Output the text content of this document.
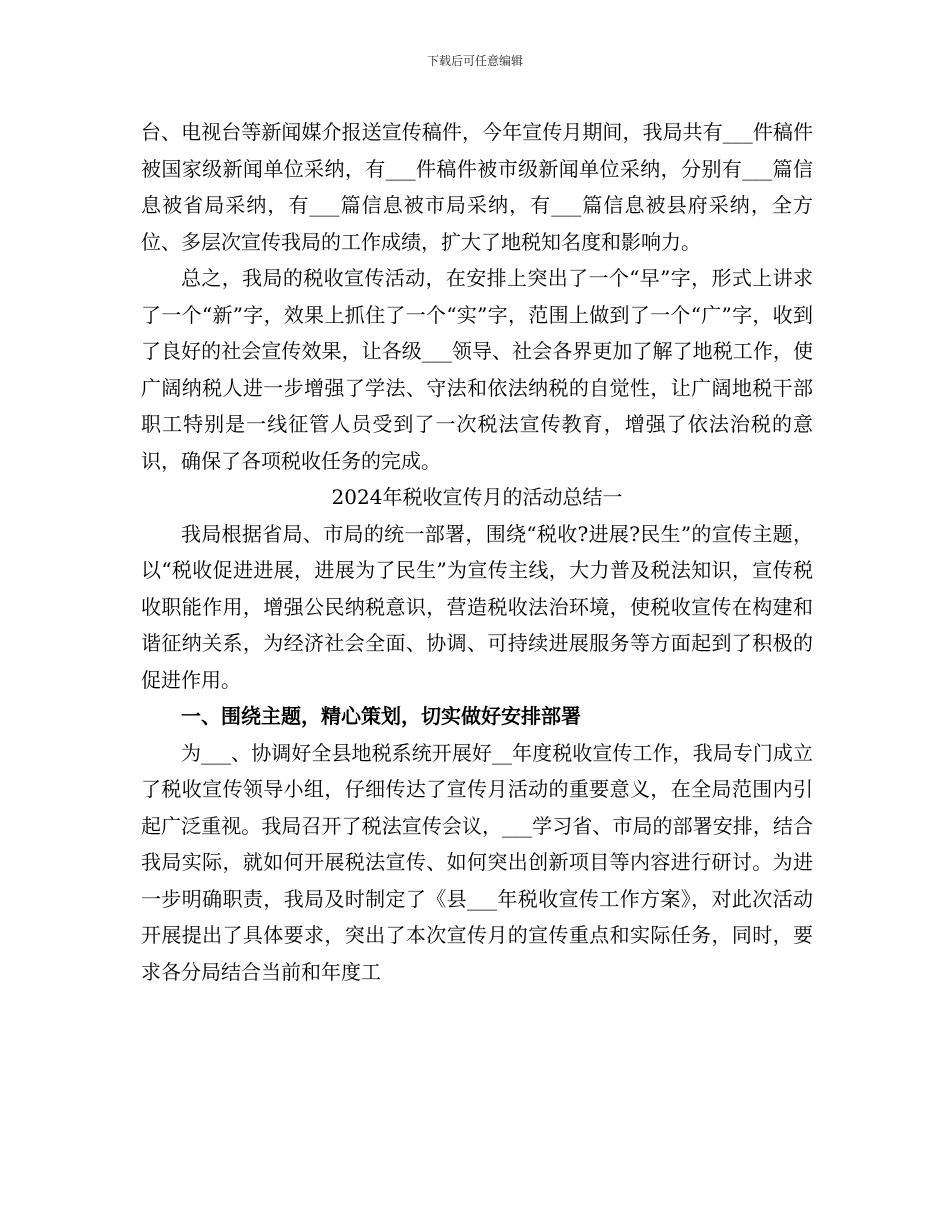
下载后可任意编辑

台、电视台等新闻媒介报送宣传稿件，今年宣传月期间，我局共有___件稿件被国家级新闻单位采纳，有___件稿件被市级新闻单位采纳，分别有___篇信息被省局采纳，有___篇信息被市局采纳，有___篇信息被县府采纳，全方位、多层次宣传我局的工作成绩，扩大了地税知名度和影响力。

总之，我局的税收宣传活动，在安排上突出了一个“早”字，形式上讲求了一个“新”字，效果上抓住了一个“实”字，范围上做到了一个“广”字，收到了良好的社会宣传效果，让各级___领导、社会各界更加了解了地税工作，使广阔纳税人进一步增强了学法、守法和依法纳税的自觉性，让广阔地税干部职工特别是一线征管人员受到了一次税法宣传教育，增强了依法治税的意识，确保了各项税收任务的完成。

2024年税收宣传月的活动总结一

我局根据省局、市局的统一部署，围绕“税收?进展?民生”的宣传主题，以“税收促进进展，进展为了民生”为宣传主线，大力普及税法知识，宣传税收职能作用，增强公民纳税意识，营造税收法治环境，使税收宣传在构建和谐征纳关系，为经济社会全面、协调、可持续进展服务等方面起到了积极的促进作用。

一、围绕主题，精心策划，切实做好安排部署

为___、协调好全县地税系统开展好__年度税收宣传工作，我局专门成立了税收宣传领导小组，仔细传达了宣传月活动的重要意义，在全局范围内引起广泛重视。我局召开了税法宣传会议，___学习省、市局的部署安排，结合我局实际，就如何开展税法宣传、如何突出创新项目等内容进行研讨。为进一步明确职责，我局及时制定了《县___年税收宣传工作方案》，对此次活动开展提出了具体要求，突出了本次宣传月的宣传重点和实际任务，同时，要求各分局结合当前和年度工
